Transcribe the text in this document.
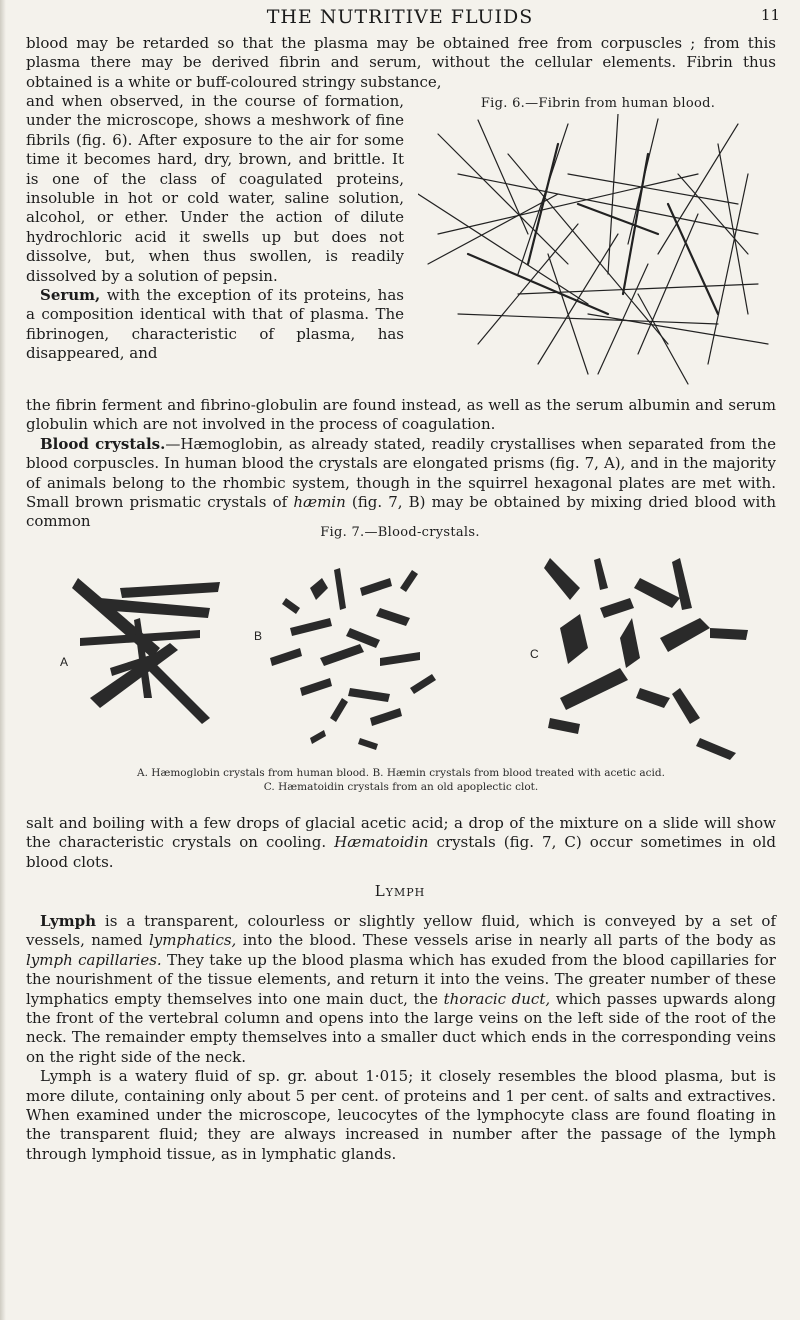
THE NUTRITIVE FLUIDS	11

blood may be retarded so that the plasma may be obtained free from corpuscles ; from this plasma there may be derived fibrin and serum, without the cellular elements. Fibrin thus obtained is a white or buff-coloured stringy substance,

and when observed, in the course of formation, under the microscope, shows a meshwork of fine fibrils (fig. 6). After exposure to the air for some time it becomes hard, dry, brown, and brittle. It is one of the class of coagulated proteins, insoluble in hot or cold water, saline solution, alcohol, or ether. Under the action of dilute hydrochloric acid it swells up but does not dissolve, but, when thus swollen, is readily dissolved by a solution of pepsin.

Serum, with the exception of its proteins, has a composition identical with that of plasma. The fibrinogen, characteristic of plasma, has disappeared, and

Fig. 6.—Fibrin from human blood.

the fibrin ferment and fibrino-globulin are found instead, as well as the serum albumin and serum globulin which are not involved in the process of coagulation.

Blood crystals.—Hæmoglobin, as already stated, readily crystallises when separated from the blood corpuscles. In human blood the crystals are elongated prisms (fig. 7, A), and in the majority of animals belong to the rhombic system, though in the squirrel hexagonal plates are met with. Small brown prismatic crystals of hæmin (fig. 7, B) may be obtained by mixing dried blood with common

Fig. 7.—Blood-crystals.
A
B
C

A. Hæmoglobin crystals from human blood. B. Hæmin crystals from blood treated with acetic acid.

C. Hæmatoidin crystals from an old apoplectic clot.

salt and boiling with a few drops of glacial acetic acid; a drop of the mixture on a slide will show the characteristic crystals on cooling. Hæmatoidin crystals (fig. 7, C) occur sometimes in old blood clots.

Lymph

Lymph is a transparent, colourless or slightly yellow fluid, which is conveyed by a set of vessels, named lymphatics, into the blood. These vessels arise in nearly all parts of the body as lymph capillaries. They take up the blood plasma which has exuded from the blood capillaries for the nourishment of the tissue elements, and return it into the veins. The greater number of these lymphatics empty themselves into one main duct, the thoracic duct, which passes upwards along the front of the vertebral column and opens into the large veins on the left side of the root of the neck. The remainder empty themselves into a smaller duct which ends in the corresponding veins on the right side of the neck.

Lymph is a watery fluid of sp. gr. about 1·015; it closely resembles the blood plasma, but is more dilute, containing only about 5 per cent. of proteins and 1 per cent. of salts and extractives. When examined under the microscope, leucocytes of the lymphocyte class are found floating in the transparent fluid; they are always increased in number after the passage of the lymph through lymphoid tissue, as in lymphatic glands.
